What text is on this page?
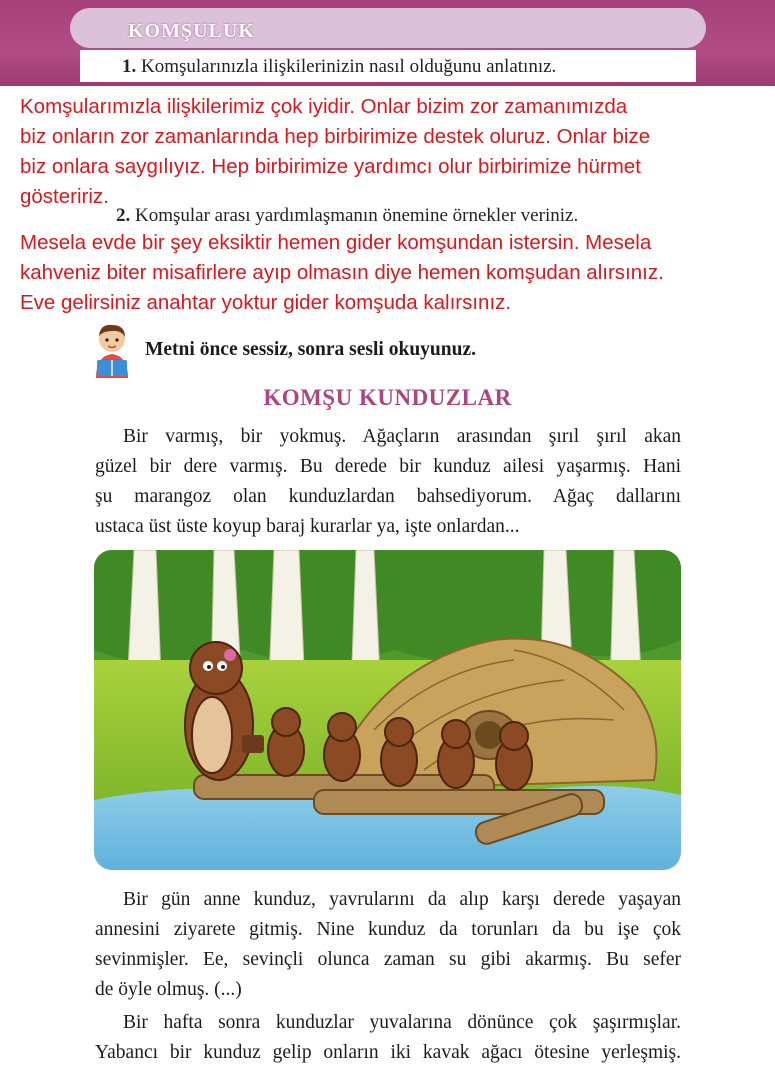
KOMŞULUK
1. Komşularınızla ilişkilerinizin nasıl olduğunu anlatınız.

Komşularımızla ilişkilerimiz çok iyidir. Onlar bizim zor zamanımızda
biz onların zor zamanlarında hep birbirimize destek oluruz. Onlar bize
biz onlara saygılıyız. Hep birbirimize yardımcı olur birbirimize hürmet
gösteririz.

2. Komşular arası yardımlaşmanın önemine örnekler veriniz.

Mesela evde bir şey eksiktir hemen gider komşundan istersin. Mesela
kahveniz biter misafirlere ayıp olmasın diye hemen komşudan alırsınız.
Eve gelirsiniz anahtar yoktur gider komşuda kalırsınız.

Metni önce sessiz, sonra sesli okuyunuz.
KOMŞU KUNDUZLAR

Bir varmış, bir yokmuş. Ağaçların arasından şırıl şırıl akan
güzel bir dere varmış. Bu derede bir kunduz ailesi yaşarmış. Hani
şu marangoz olan kunduzlardan bahsediyorum. Ağaç dallarını
ustaca üst üste koyup baraj kurarlar ya, işte onlardan...

Bir gün anne kunduz, yavrularını da alıp karşı derede yaşayan
annesini ziyarete gitmiş. Nine kunduz da torunları da bu işe çok
sevinmişler. Ee, sevinçli olunca zaman su gibi akarmış. Bu sefer
de öyle olmuş. (...)

Bir hafta sonra kunduzlar yuvalarına dönünce çok şaşırmışlar.
Yabancı bir kunduz gelip onların iki kavak ağacı ötesine yerleşmiş.
